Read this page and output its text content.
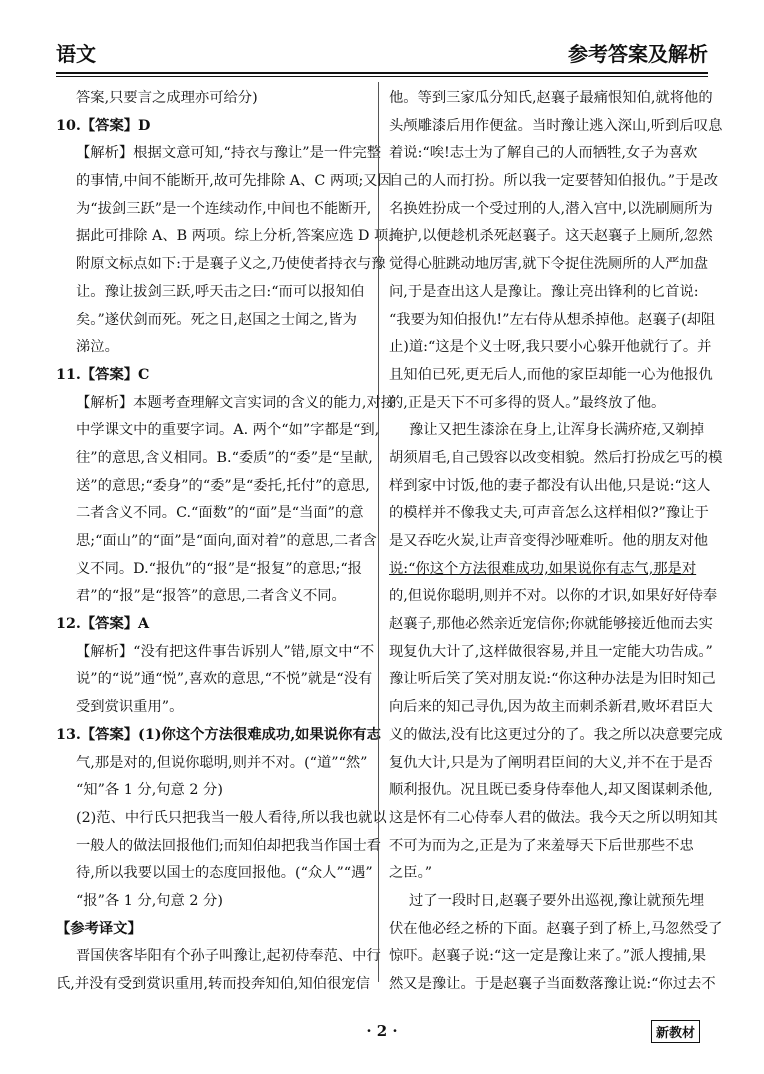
语文	参考答案及解析
答案,只要言之成理亦可给分)
10.【答案】D
【解析】根据文意可知,“持衣与豫让”是一件完整
的事情,中间不能断开,故可先排除 A、C 两项;又因
为“拔剑三跃”是一个连续动作,中间也不能断开,
据此可排除 A、B 两项。综上分析,答案应选 D 项。
附原文标点如下:于是襄子义之,乃使使者持衣与豫
让。豫让拔剑三跃,呼天击之曰:“而可以报知伯
矣。”遂伏剑而死。死之日,赵国之士闻之,皆为
涕泣。
11.【答案】C
【解析】本题考查理解文言实词的含义的能力,对接
中学课文中的重要字词。A. 两个“如”字都是“到,
往”的意思,含义相同。B.“委质”的“委”是“呈献,
送”的意思;“委身”的“委”是“委托,托付”的意思,
二者含义不同。C.“面数”的“面”是“当面”的意
思;“面山”的“面”是“面向,面对着”的意思,二者含
义不同。D.“报仇”的“报”是“报复”的意思;“报
君”的“报”是“报答”的意思,二者含义不同。
12.【答案】A
【解析】“没有把这件事告诉别人”错,原文中“不
说”的“说”通“悦”,喜欢的意思,“不悦”就是“没有
受到赏识重用”。
13.【答案】(1)你这个方法很难成功,如果说你有志
气,那是对的,但说你聪明,则并不对。(“道”“然”
“知”各 1 分,句意 2 分)
(2)范、中行氏只把我当一般人看待,所以我也就以
一般人的做法回报他们;而知伯却把我当作国士看
待,所以我要以国士的态度回报他。(“众人”“遇”
“报”各 1 分,句意 2 分)
【参考译文】
晋国侠客毕阳有个孙子叫豫让,起初侍奉范、中行
氏,并没有受到赏识重用,转而投奔知伯,知伯很宠信
他。等到三家瓜分知氏,赵襄子最痛恨知伯,就将他的
头颅雕漆后用作便盆。当时豫让逃入深山,听到后叹息
着说:“唉!志士为了解自己的人而牺牲,女子为喜欢
自己的人而打扮。所以我一定要替知伯报仇。”于是改
名换姓扮成一个受过刑的人,潜入宫中,以洗刷厕所为
掩护,以便趁机杀死赵襄子。这天赵襄子上厕所,忽然
觉得心脏跳动地厉害,就下令捉住洗厕所的人严加盘
问,于是查出这人是豫让。豫让亮出锋利的匕首说:
“我要为知伯报仇!”左右侍从想杀掉他。赵襄子(却阻
止)道:“这是个义士呀,我只要小心躲开他就行了。并
且知伯已死,更无后人,而他的家臣却能一心为他报仇
的,正是天下不可多得的贤人。”最终放了他。
豫让又把生漆涂在身上,让浑身长满疥疮,又剃掉
胡须眉毛,自己毁容以改变相貌。然后打扮成乞丐的模
样到家中讨饭,他的妻子都没有认出他,只是说:“这人
的模样并不像我丈夫,可声音怎么这样相似?”豫让于
是又吞吃火炭,让声音变得沙哑难听。他的朋友对他
说:“你这个方法很难成功,如果说你有志气,那是对
的,但说你聪明,则并不对。以你的才识,如果好好侍奉
赵襄子,那他必然亲近宠信你;你就能够接近他而去实
现复仇大计了,这样做很容易,并且一定能大功告成。”
豫让听后笑了笑对朋友说:“你这种办法是为旧时知己
向后来的知己寻仇,因为故主而刺杀新君,败坏君臣大
义的做法,没有比这更过分的了。我之所以决意要完成
复仇大计,只是为了阐明君臣间的大义,并不在于是否
顺利报仇。况且既已委身侍奉他人,却又图谋刺杀他,
这是怀有二心侍奉人君的做法。我今天之所以明知其
不可为而为之,正是为了来羞辱天下后世那些不忠
之臣。”
过了一段时日,赵襄子要外出巡视,豫让就预先埋
伏在他必经之桥的下面。赵襄子到了桥上,马忽然受了
惊吓。赵襄子说:“这一定是豫让来了。”派人搜捕,果
然又是豫让。于是赵襄子当面数落豫让说:“你过去不
· 2 ·	新教材
